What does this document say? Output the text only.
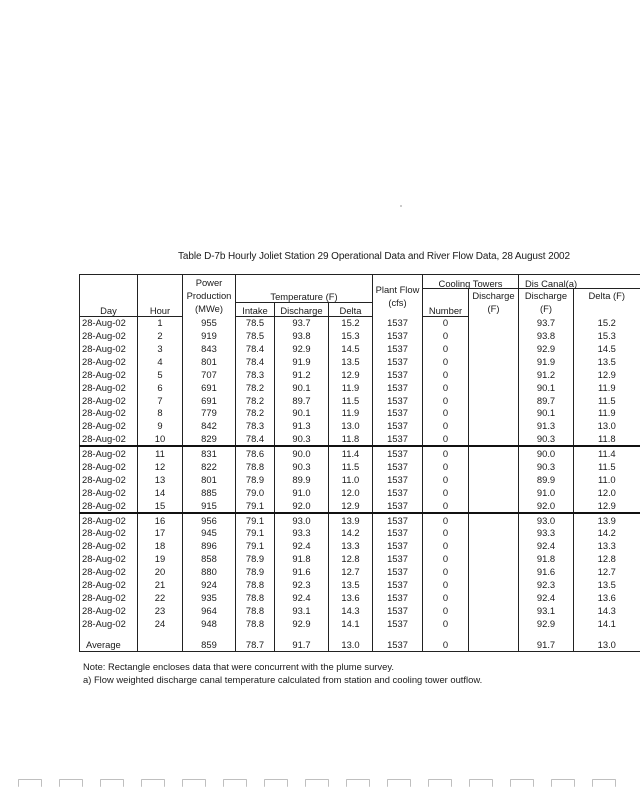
Table D-7b Hourly Joliet Station 29 Operational Data and River Flow Data, 28 August 2002
		Power Production (MWe)	Temperature (F)			Plant Flow (cfs)	Cooling Towers		Dis Canal(a)	
								Discharge (F)	Discharge (F)	Delta (F)
Day	Hour		Intake	Discharge	Delta		Number			
28-Aug-02	1	955	78.5	93.7	15.2	1537	0		93.7	15.2
28-Aug-02	2	919	78.5	93.8	15.3	1537	0		93.8	15.3
28-Aug-02	3	843	78.4	92.9	14.5	1537	0		92.9	14.5
28-Aug-02	4	801	78.4	91.9	13.5	1537	0		91.9	13.5
28-Aug-02	5	707	78.3	91.2	12.9	1537	0		91.2	12.9
28-Aug-02	6	691	78.2	90.1	11.9	1537	0		90.1	11.9
28-Aug-02	7	691	78.2	89.7	11.5	1537	0		89.7	11.5
28-Aug-02	8	779	78.2	90.1	11.9	1537	0		90.1	11.9
28-Aug-02	9	842	78.3	91.3	13.0	1537	0		91.3	13.0
28-Aug-02	10	829	78.4	90.3	11.8	1537	0		90.3	11.8
28-Aug-02	11	831	78.6	90.0	11.4	1537	0		90.0	11.4
28-Aug-02	12	822	78.8	90.3	11.5	1537	0		90.3	11.5
28-Aug-02	13	801	78.9	89.9	11.0	1537	0		89.9	11.0
28-Aug-02	14	885	79.0	91.0	12.0	1537	0		91.0	12.0
28-Aug-02	15	915	79.1	92.0	12.9	1537	0		92.0	12.9
28-Aug-02	16	956	79.1	93.0	13.9	1537	0		93.0	13.9
28-Aug-02	17	945	79.1	93.3	14.2	1537	0		93.3	14.2
28-Aug-02	18	896	79.1	92.4	13.3	1537	0		92.4	13.3
28-Aug-02	19	858	78.9	91.8	12.8	1537	0		91.8	12.8
28-Aug-02	20	880	78.9	91.6	12.7	1537	0		91.6	12.7
28-Aug-02	21	924	78.8	92.3	13.5	1537	0		92.3	13.5
28-Aug-02	22	935	78.8	92.4	13.6	1537	0		92.4	13.6
28-Aug-02	23	964	78.8	93.1	14.3	1537	0		93.1	14.3
28-Aug-02	24	948	78.8	92.9	14.1	1537	0		92.9	14.1
Average		859	78.7	91.7	13.0	1537	0		91.7	13.0
Note: Rectangle encloses data that were concurrent with the plume survey.
a) Flow weighted discharge canal temperature calculated from station and cooling tower outflow.
